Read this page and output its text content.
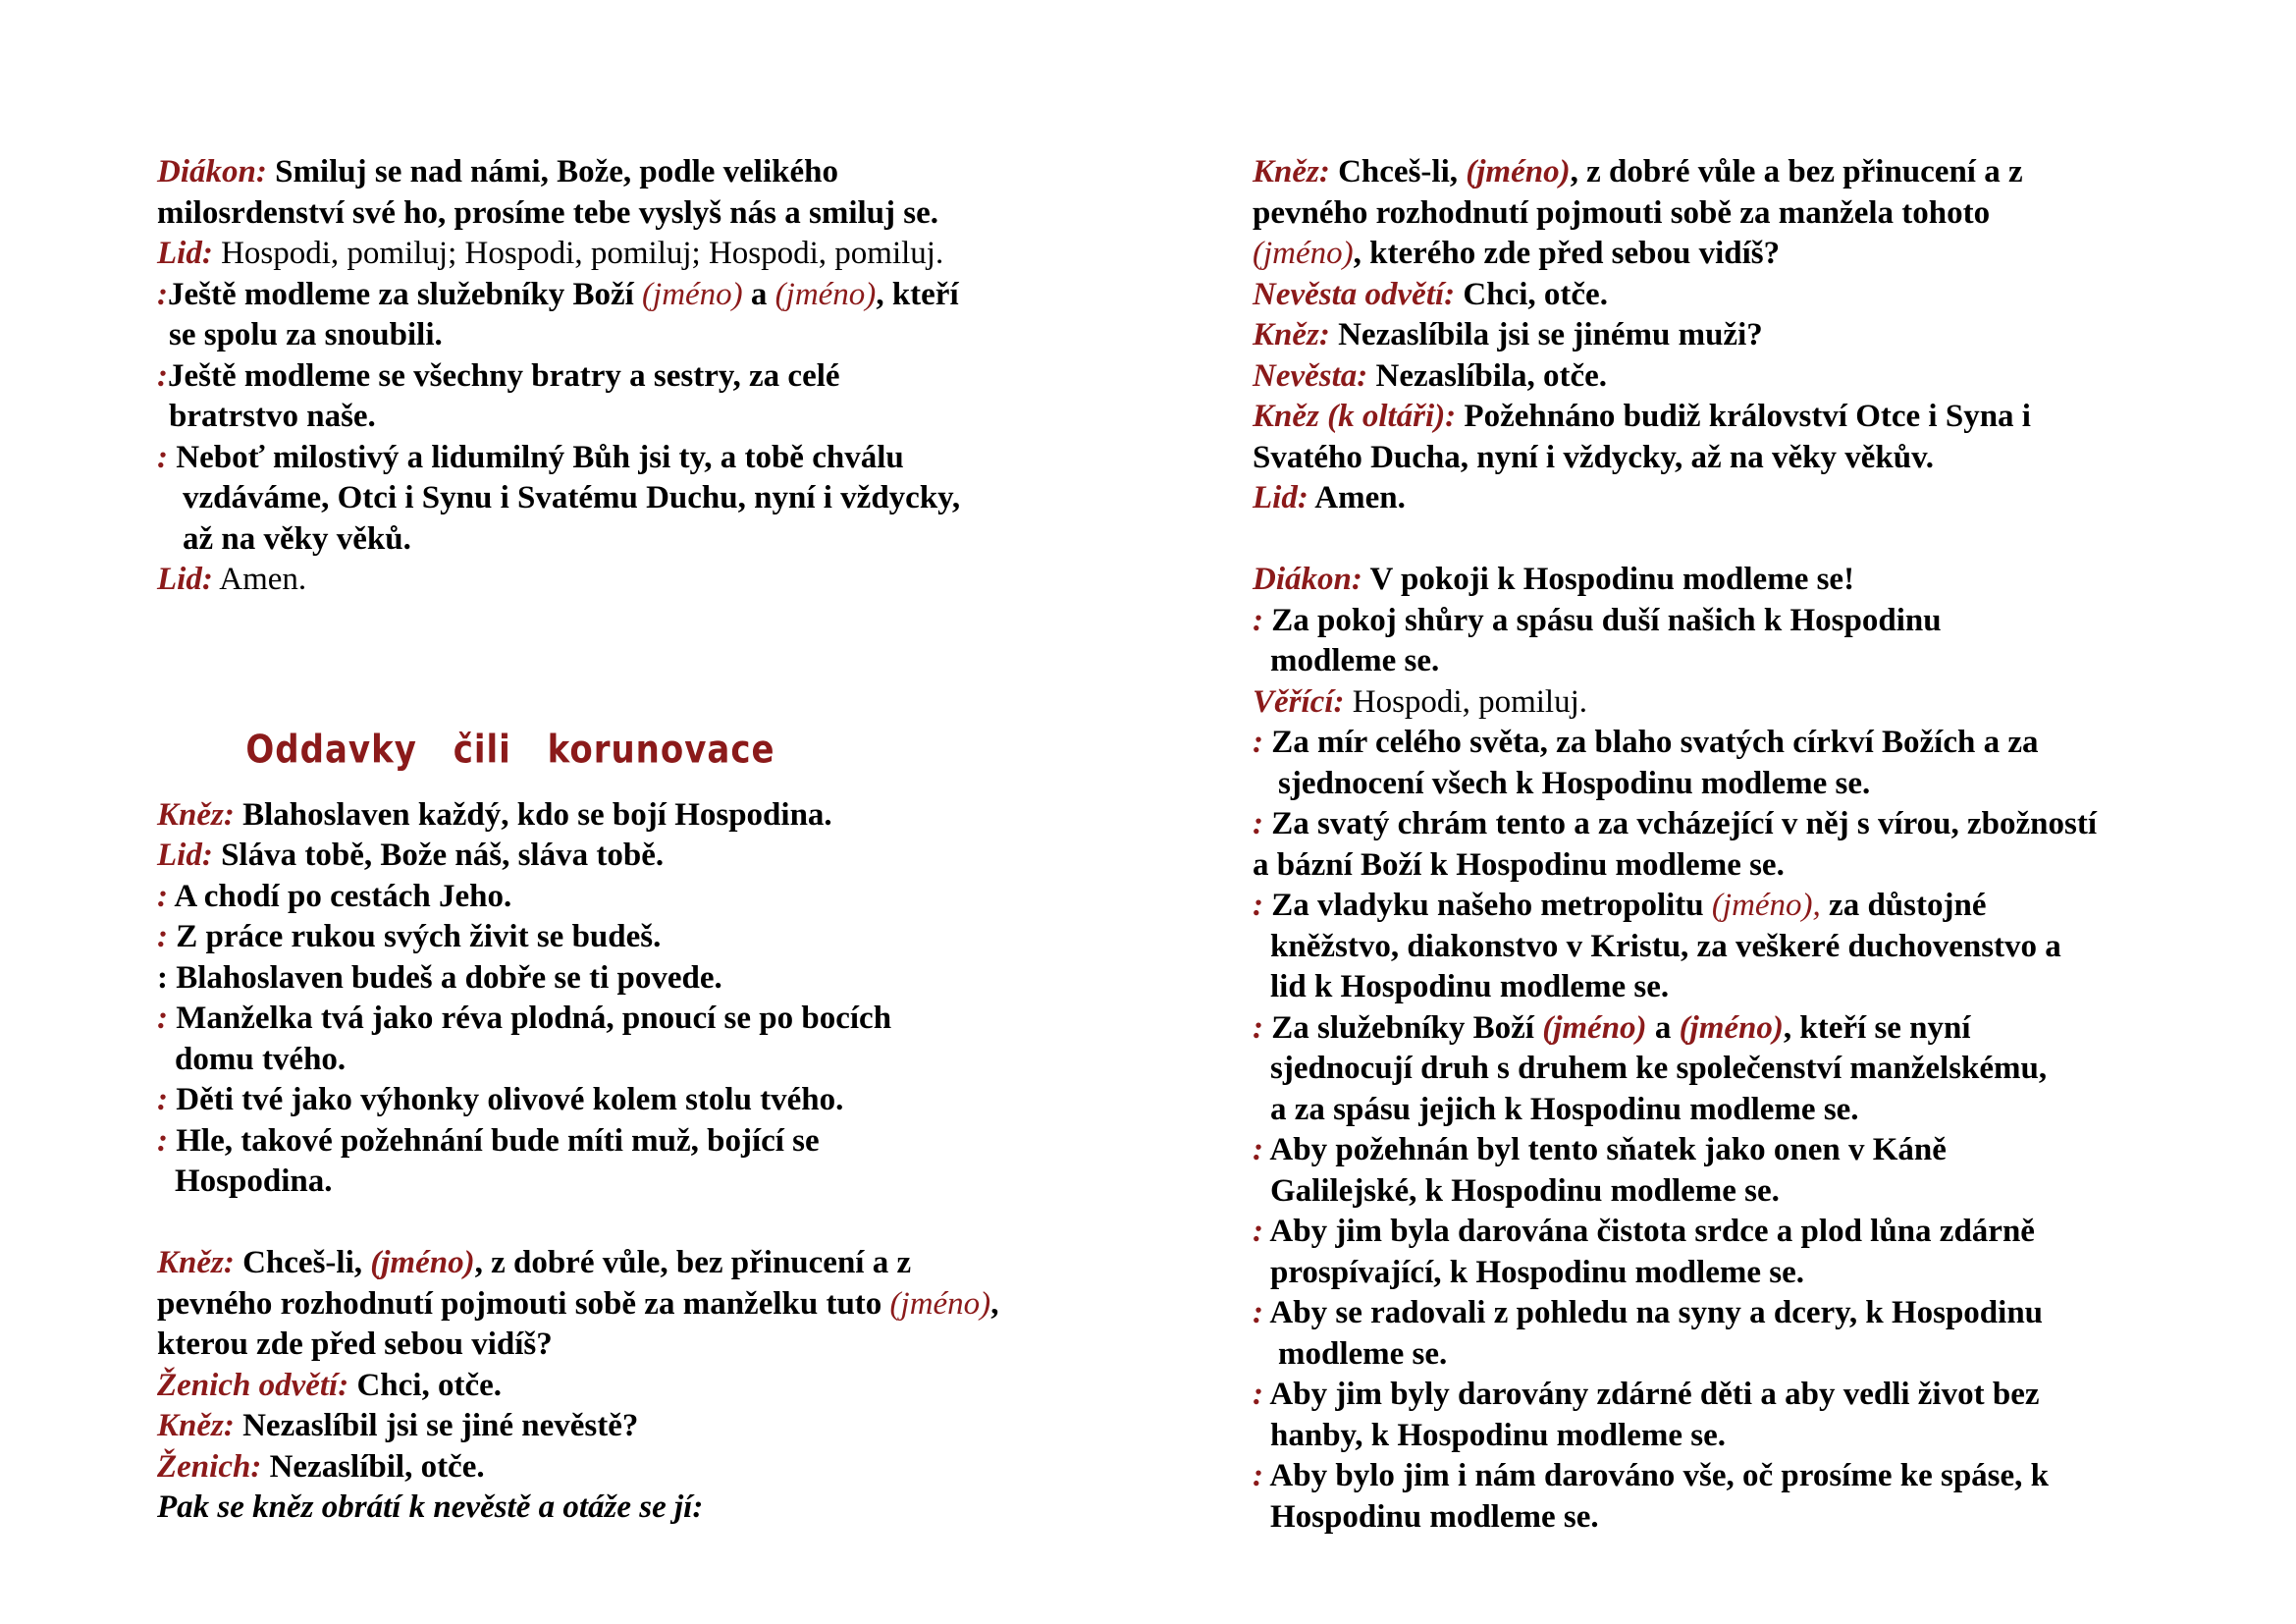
Diákon: Smiluj se nad námi, Bože, podle velikého
milosrdenství své ho, prosíme tebe vyslyš nás a smiluj se.
Lid: Hospodi, pomiluj; Hospodi, pomiluj; Hospodi, pomiluj.
:Ještě modleme za služebníky Boží (jméno) a (jméno), kteří
se spolu za snoubili.
:Ještě modleme se všechny bratry a sestry, za celé
bratrstvo naše.
: Neboť milostivý a lidumilný Bůh jsi ty, a tobě chválu
vzdáváme, Otci i Synu i Svatému Duchu, nyní i vždycky,
až na věky věků.
Lid: Amen.
Oddavky čili korunovace
Kněz: Blahoslaven každý, kdo se bojí Hospodina.
Lid: Sláva tobě, Bože náš, sláva tobě.
: A chodí po cestách Jeho.
: Z práce rukou svých živit se budeš.
: Blahoslaven budeš a dobře se ti povede.
: Manželka tvá jako réva plodná, pnoucí se po bocích
domu tvého.
: Děti tvé jako výhonky olivové kolem stolu tvého.
: Hle, takové požehnání bude míti muž, bojící se
Hospodina.
Kněz: Chceš-li, (jméno), z dobré vůle, bez přinucení a z
pevného rozhodnutí pojmouti sobě za manželku tuto (jméno),
kterou zde před sebou vidíš?
Ženich odvětí: Chci, otče.
Kněz: Nezaslíbil jsi se jiné nevěstě?
Ženich: Nezaslíbil, otče.
Pak se kněz obrátí k nevěstě a otáže se jí:
Kněz: Chceš-li, (jméno), z dobré vůle a bez přinucení a z
pevného rozhodnutí pojmouti sobě za manžela tohoto
(jméno), kterého zde před sebou vidíš?
Nevěsta odvětí: Chci, otče.
Kněz: Nezaslíbila jsi se jinému muži?
Nevěsta: Nezaslíbila, otče.
Kněz (k oltáři): Požehnáno budiž království Otce i Syna i
Svatého Ducha, nyní i vždycky, až na věky věkův.
Lid: Amen.
Diákon: V pokoji k Hospodinu modleme se!
: Za pokoj shůry a spásu duší našich k Hospodinu
modleme se.
Věřící: Hospodi, pomiluj.
: Za mír celého světa, za blaho svatých církví Božích a za
sjednocení všech k Hospodinu modleme se.
: Za svatý chrám tento a za vcházející v něj s vírou, zbožností
a bázní Boží k Hospodinu modleme se.
: Za vladyku našeho metropolitu (jméno), za důstojné
kněžstvo, diakonstvo v Kristu, za veškeré duchovenstvo a
lid k Hospodinu modleme se.
: Za služebníky Boží (jméno) a (jméno), kteří se nyní
sjednocují druh s druhem ke společenství manželskému,
a za spásu jejich k Hospodinu modleme se.
: Aby požehnán byl tento sňatek jako onen v Káně
Galilejské, k Hospodinu modleme se.
: Aby jim byla darována čistota srdce a plod lůna zdárně
prospívající, k Hospodinu modleme se.
: Aby se radovali z pohledu na syny a dcery, k Hospodinu
modleme se.
: Aby jim byly darovány zdárné děti a aby vedli život bez
hanby, k Hospodinu modleme se.
: Aby bylo jim i nám darováno vše, oč prosíme ke spáse, k
Hospodinu modleme se.
